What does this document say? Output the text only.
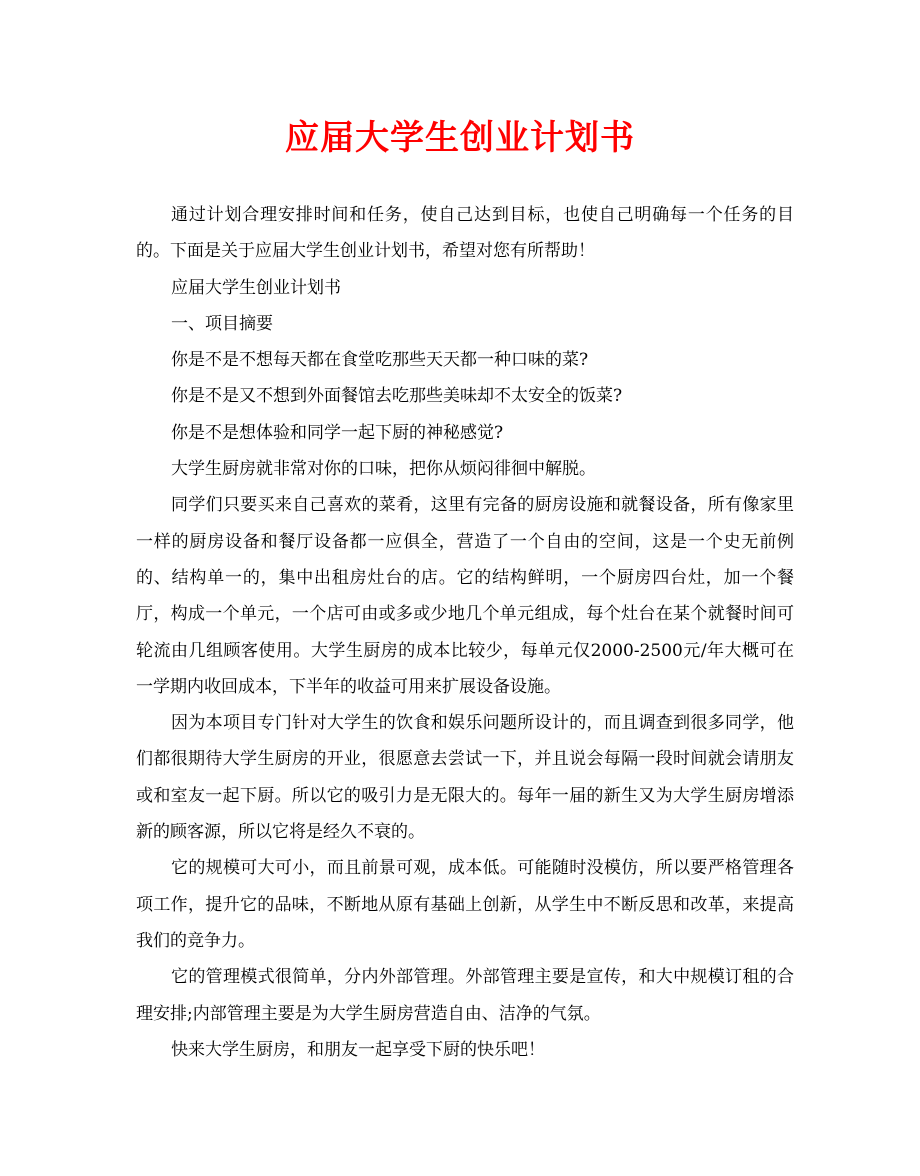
应届大学生创业计划书

通过计划合理安排时间和任务，使自己达到目标，也使自己明确每一个任务的目的。下面是关于应届大学生创业计划书，希望对您有所帮助！

应届大学生创业计划书

一、项目摘要

你是不是不想每天都在食堂吃那些天天都一种口味的菜?

你是不是又不想到外面餐馆去吃那些美味却不太安全的饭菜?

你是不是想体验和同学一起下厨的神秘感觉?

大学生厨房就非常对你的口味，把你从烦闷徘徊中解脱。

同学们只要买来自己喜欢的菜肴，这里有完备的厨房设施和就餐设备，所有像家里一样的厨房设备和餐厅设备都一应俱全，营造了一个自由的空间，这是一个史无前例的、结构单一的，集中出租房灶台的店。它的结构鲜明，一个厨房四台灶，加一个餐厅，构成一个单元，一个店可由或多或少地几个单元组成，每个灶台在某个就餐时间可轮流由几组顾客使用。大学生厨房的成本比较少，每单元仅2000-2500元/年大概可在一学期内收回成本，下半年的收益可用来扩展设备设施。

因为本项目专门针对大学生的饮食和娱乐问题所设计的，而且调查到很多同学，他们都很期待大学生厨房的开业，很愿意去尝试一下，并且说会每隔一段时间就会请朋友或和室友一起下厨。所以它的吸引力是无限大的。每年一届的新生又为大学生厨房增添新的顾客源，所以它将是经久不衰的。

它的规模可大可小，而且前景可观，成本低。可能随时没模仿，所以要严格管理各项工作，提升它的品味，不断地从原有基础上创新，从学生中不断反思和改革，来提高我们的竞争力。

它的管理模式很简单，分内外部管理。外部管理主要是宣传，和大中规模订租的合理安排;内部管理主要是为大学生厨房营造自由、洁净的气氛。

快来大学生厨房，和朋友一起享受下厨的快乐吧！
